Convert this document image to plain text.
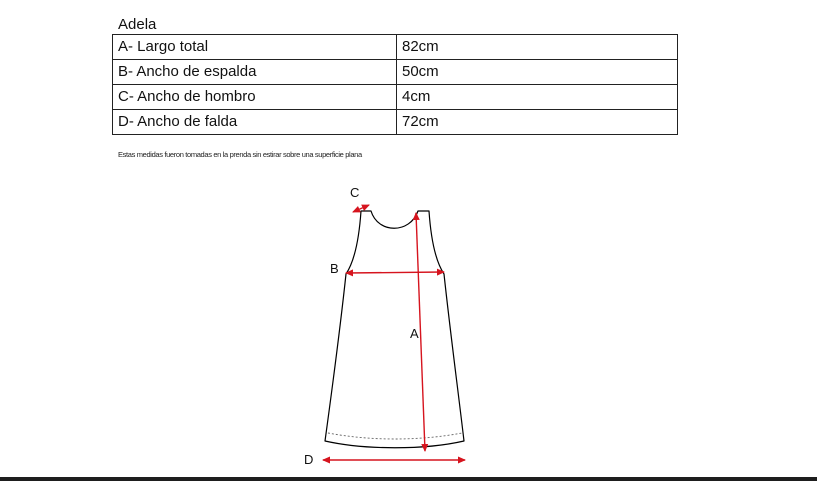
Adela
A- Largo total	82cm
B- Ancho de espalda	50cm
C- Ancho de hombro	4cm
D- Ancho de falda	72cm
Estas medidas fueron tomadas en la prenda sin estirar sobre una superficie plana
A
B
C
D
